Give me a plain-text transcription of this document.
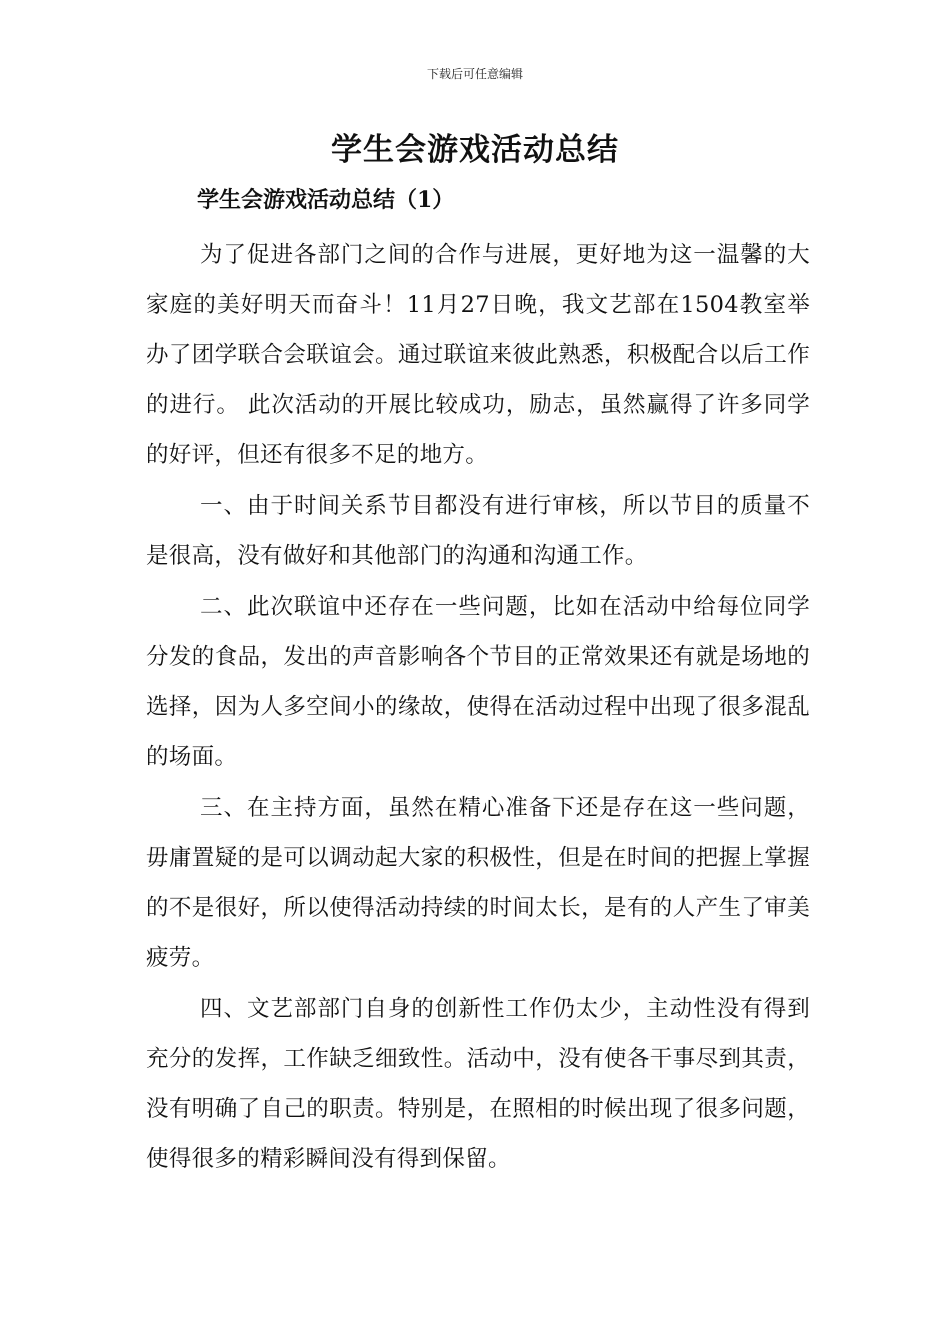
下载后可任意编辑
学生会游戏活动总结
学生会游戏活动总结（1）

为了促进各部门之间的合作与进展，更好地为这一温馨的大家庭的美好明天而奋斗！11月27日晚，我文艺部在1504教室举办了团学联合会联谊会。通过联谊来彼此熟悉，积极配合以后工作的进行。 此次活动的开展比较成功，励志，虽然赢得了许多同学的好评，但还有很多不足的地方。

一、由于时间关系节目都没有进行审核，所以节目的质量不是很高，没有做好和其他部门的沟通和沟通工作。

二、此次联谊中还存在一些问题，比如在活动中给每位同学分发的食品，发出的声音影响各个节目的正常效果还有就是场地的选择，因为人多空间小的缘故，使得在活动过程中出现了很多混乱的场面。

三、在主持方面，虽然在精心准备下还是存在这一些问题，毋庸置疑的是可以调动起大家的积极性，但是在时间的把握上掌握的不是很好，所以使得活动持续的时间太长，是有的人产生了审美疲劳。

四、文艺部部门自身的创新性工作仍太少，主动性没有得到充分的发挥，工作缺乏细致性。活动中，没有使各干事尽到其责，没有明确了自己的职责。特别是，在照相的时候出现了很多问题，使得很多的精彩瞬间没有得到保留。
